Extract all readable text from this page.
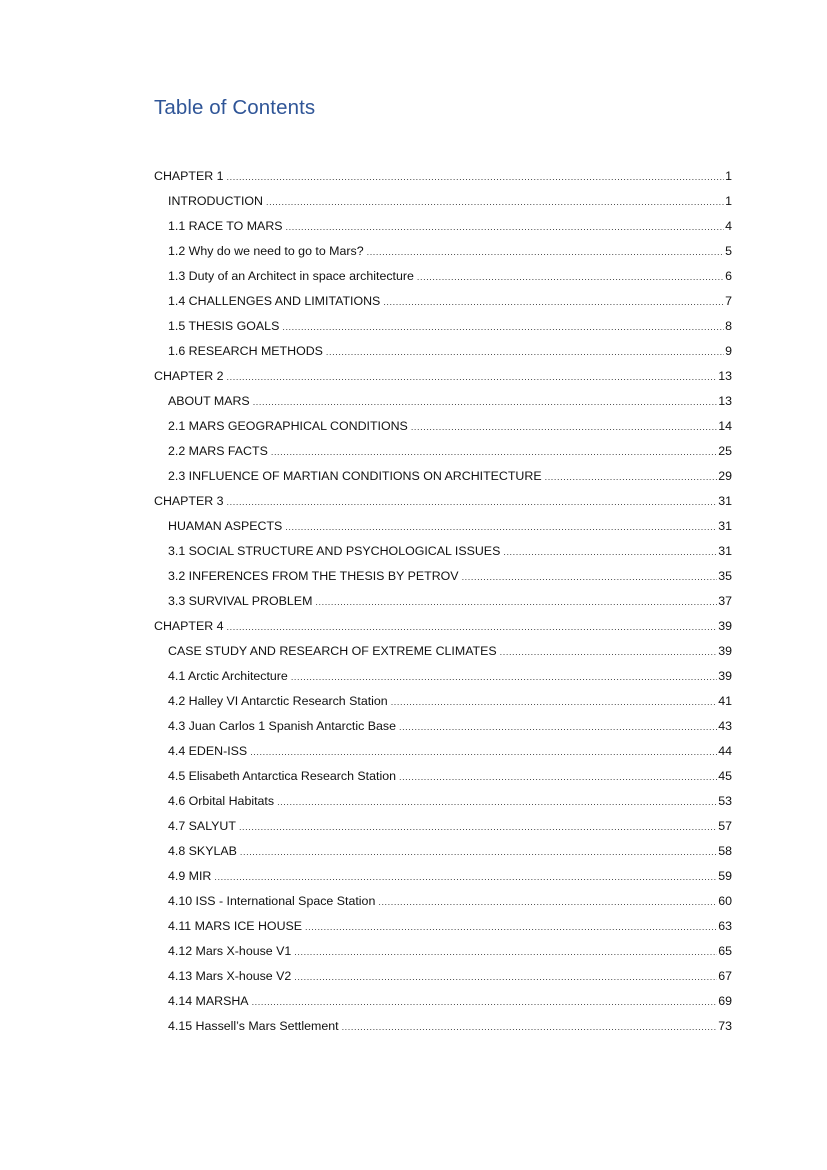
Table of Contents
CHAPTER 1 .....	1
INTRODUCTION .....	1
1.1 RACE TO MARS .....	4
1.2 Why do we need to go to Mars? .....	5
1.3 Duty of an Architect in space architecture .....	6
1.4 CHALLENGES AND LIMITATIONS .....	7
1.5 THESIS GOALS .....	8
1.6 RESEARCH METHODS .....	9
CHAPTER 2 .....	13
ABOUT MARS .....	13
2.1 MARS GEOGRAPHICAL CONDITIONS .....	14
2.2 MARS FACTS .....	25
2.3 INFLUENCE OF MARTIAN CONDITIONS ON ARCHITECTURE .....	29
CHAPTER 3 .....	31
HUAMAN ASPECTS .....	31
3.1 SOCIAL STRUCTURE AND PSYCHOLOGICAL ISSUES .....	31
3.2 INFERENCES FROM THE THESIS BY PETROV .....	35
3.3 SURVIVAL PROBLEM .....	37
CHAPTER 4 .....	39
CASE STUDY AND RESEARCH OF EXTREME CLIMATES .....	39
4.1 Arctic Architecture .....	39
4.2 Halley VI Antarctic Research Station .....	41
4.3 Juan Carlos 1 Spanish Antarctic Base .....	43
4.4 EDEN-ISS .....	44
4.5 Elisabeth Antarctica Research Station .....	45
4.6 Orbital Habitats .....	53
4.7 SALYUT .....	57
4.8 SKYLAB .....	58
4.9 MIR .....	59
4.10 ISS - International Space Station .....	60
4.11 MARS ICE HOUSE .....	63
4.12 Mars X-house V1 .....	65
4.13 Mars X-house V2 .....	67
4.14 MARSHA .....	69
4.15 Hassell’s Mars Settlement .....	73
